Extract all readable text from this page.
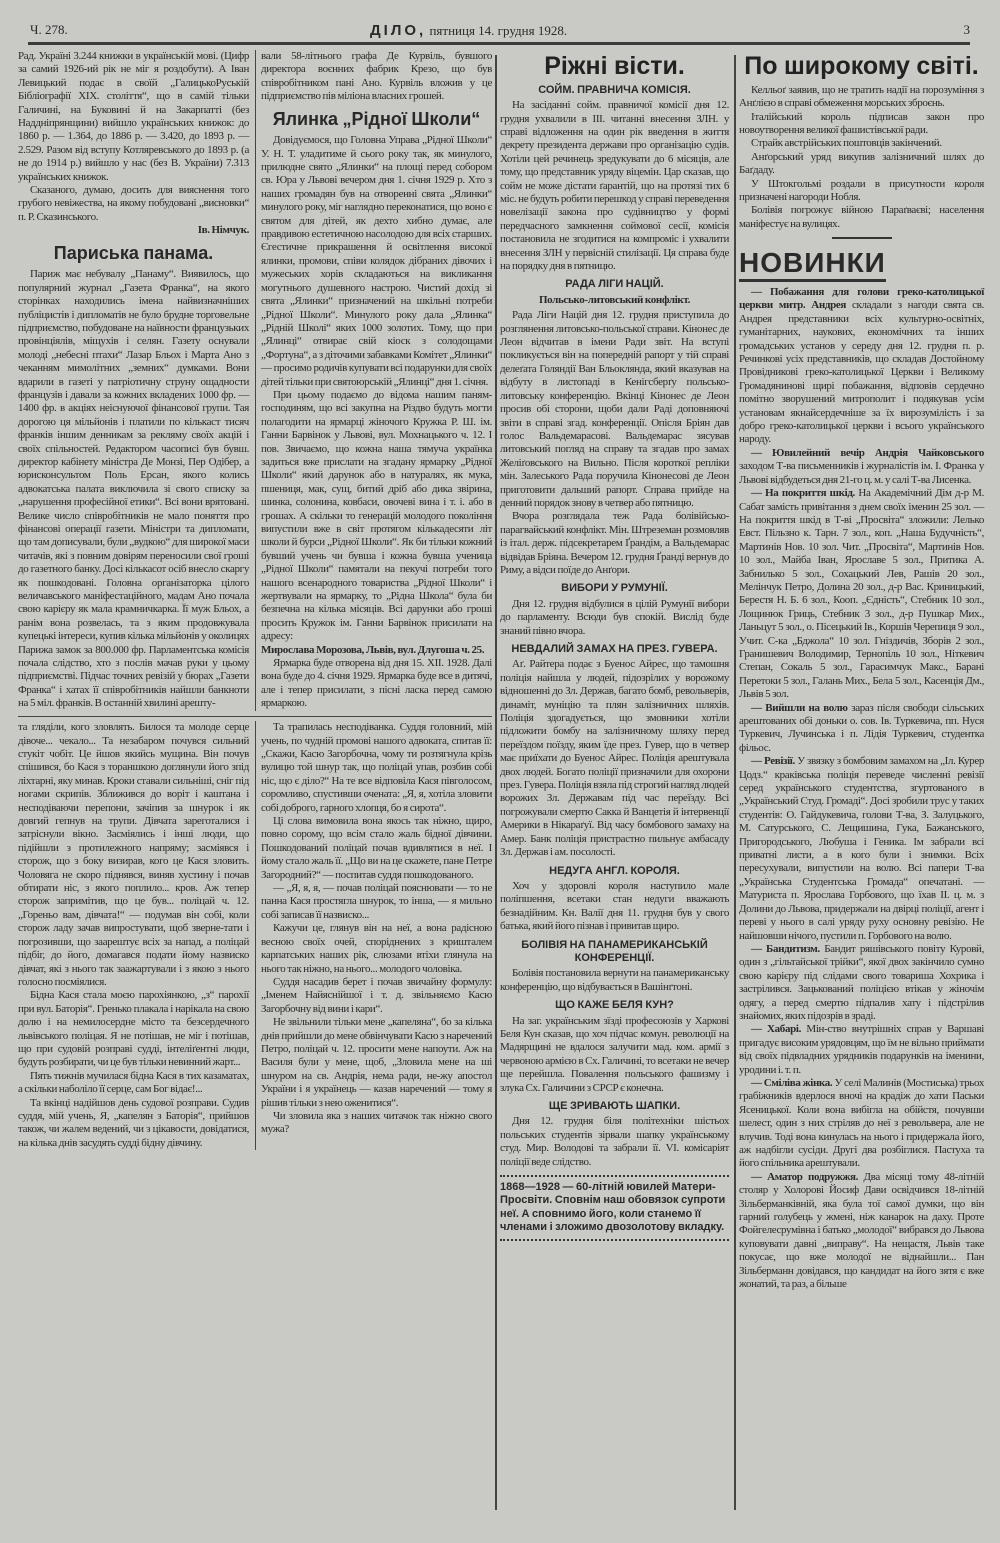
Ч. 278.	ДІЛО, пятниця 14. грудня 1928.	3

Рад. Україні 3.244 книжки в українській мові. (Цифр за самий 1926-ий рік не міг я роздобути). А Іван Левицький подає в своїй „ГалицькоРуській Бібліографії XIX. століття“, що в самій тільки Галичині, на Буковині й на Закарпатті (без Наддніпрянщини) вийшло українських книжок: до 1860 р. — 1.364, до 1886 р. — 3.420, до 1893 р. — 2.529. Разом від вступу Котляревського до 1893 р. (а не до 1914 р.) вийшло у нас (без В. України) 7.313 українських книжок.

Сказаного, думаю, досить для вияснення того грубого невіжества, на якому побудовані „висновки“ п. Р. Сказинського.

Ів. Німчук.
Париська панама.

Париж має небувалу „Панаму“. Виявилось, що популярний журнал „Газета Франка“, на якого сторінках находились імена найвизначніших публіцистів і дипломатів не було брудне торговельне підприємство, побудоване на наївности французьких провінціялів, міщухів і селян. Газету оснували молоді „небесні птахи“ Лазар Бльох і Марта Ано з чеканням мимолітних „земних“ думками. Вони вдарили в газеті у патріотичну струну ощадности французів і давали за кожних вкладених 1000 фр. — 1400 фр. в акціях неіснуючої фінансової групи. Тая дорогою ця мільйонів і платили по кількаст тисяч франків іншим денникам за рекляму своїх акцій і своїх спільностей. Редактором часописі був бувш. директор кабінету міністра Де Монзі, Пер Одібер, а юрисконсультом Поль Ерсан, якого колись адвокатська палата виключила зі свого списку за „нарушення професійної етики“. Всі вони врятовані. Велике число співробітників не мало поняття про фінансові операції газети. Міністри та дипломати, що там дописували, були „вудкою“ для широкої маси читачів, які з повним довірям переносили свої гроші до газетного банку. Досі кількасот осіб внесло скаргу як пошкодовані. Головна організаторка цілого величавського маніфестаційного, мадам Ано почала свою карієру як мала крамничкарка. Її муж Бльох, а ранім вона розвелась, та з яким продовжувала купецькі інтереси, купив кілька мільйонів у околицях Парижа замок за 800.000 фр. Парламентська комісія почала слідство, хто з послів мачав руки у цьому підприємстві. Підчас точних ревізій у бюрах „Газети Франка“ і хатах її співробітників найшли банкноти на 5 міл. франків. В останній хвилині арешту-

вали 58-літнього графа Де Курвіль, бувшого директора воєнних фабрик Крезо, що був співробітником пані Ано. Курвіль вложив у це підприємство пів міліона власних грошей.

Ялинка „Рідної Школи“

Довідуємося, що Головна Управа „Рідної Школи“ У. Н. Т. уладитиме й сього року так, як минулого, прилюдне свято „Ялинки“ на площі перед собором св. Юра у Львові вечером дня 1. січня 1929 р. Хто з наших громадян був на отворенні свята „Ялинки“ минулого року, міг наглядно переконатися, що воно є святом для дітей, як дехто хибно думає, але правдивою естетичною насолодою для всіх старших. Єгестичне прикрашення й освітлення високої ялинки, промови, співи колядок дібраних дівочих і мужеських хорів складаються на викликання могутнього душевного настрою. Чистий дохід зі свята „Ялинки“ призначений на шкільні потреби „Рідної Школи“. Минулого року дала „Ялинка“ „Рідній Школі“ яких 1000 золотих. Тому, що при „Ялинці“ отвирає свій кіоск з солодощами „Фортуна“, а з діточими забавками Комітет „Ялинки“ — просимо родичів купувати всі подарунки для своїх дітей тільки при святоюрській „Ялинці“ дня 1. січня.

При цьому подаємо до відома нашим паням-господиням, що всі закупна на Різдво будуть могти полагодити на ярмарці жіночого Кружка Р. Ш. ім. Ганни Барвінок у Львові, вул. Мохнацького ч. 12. І пов. Звичаємо, що кожна наша тямуча українка задиться вже прислати на згадану ярмарку „Рідної Школи“ який дарунок або в натуралях, як мука, пшениця, мак, сущ, битий дріб або дика звірина, шинка, солонина, ковбаси, овочеві вина і т. і. або в грошах. А скільки то генерацій молодого покоління випустили вже в світ протягом кількадесяти літ школи й бурси „Рідної Школи“. Як би тільки кожний бувший учень чи бувша і кожна бувша ученица „Рідної Школи“ памятали на пекучі потреби того нашого всенародного товариства „Рідної Школи“ і жертвували на ярмарку, то „Рідна Школа“ була би безпечна на кілька місяців. Всі дарунки або гроші просить Кружок ім. Ганни Барвінок присилати на адресу:

Мирослава Морозова, Львів, вул. Длугоша ч. 25.

Ярмарка буде отворена від дня 15. XII. 1928. Далі вона буде до 4. січня 1929. Ярмарка буде все в дитячі, але і тепер присилати, з пісні ласка перед самою ярмаркою.

та гляділи, кого зловлять. Билося та молоде серце дівоче... чекало... Та незабаром почувся сильний стукіт чобіт. Це йшов якийсь мущина. Він почув спішився, бо Кася з тораншкою доглянули його зпід ліхтарні, яку минав. Кроки ставали сильніші, сніг під ногами скрипів. Зближився до воріт і каштана і несподіваючи перепони, зачіпив за шнурок і як довгий гепнув на трупи. Дівчата зареготалися і затріснули вікно. Засміялись і інші люди, що підійшли з протилежного напряму; засміявся і сторож, що з боку визирав, кого це Кася зловить. Чоловяга не скоро піднявся, виняв хустину і почав обтирати ніс, з якого поплило... кров. Аж тепер сторож запримітив, що це був... поліцай ч. 12. „Гореньо вам, дівчата!“ — подумав він собі, коли сторож ладу зачав випростувати, щоб зверне-тати і погрозивши, що заарештує всіх за напад, а поліцай підбіг, до його, домагався подати йому назвиско дівчат, які з нього так заажартували і з якою з нього голосно посміялися.

Бідна Кася стала моєю парохіянкою, „з“ парохії при вул. Баторія“. Гренько плакала і нарікала на свою долю і на немилосердне місто та безсердечного львівського поліцая. Я не потішав, не міг і потішав, що при судовій розправі судді, інтеліґентні люди, будуть розбирати, чи це був тільки невинний жарт...

Пять тижнів мучилася бідна Кася в тих казаматах, а скільки наболіло її серце, сам Бог відає!...

Та вкінці надійшов день судової розправи. Судив суддя, мій учень, Я, „капелян з Баторія“, прийшов також, чи жалем ведений, чи з цікавости, довідатися, на кілька днів засудять судді бідну дівчину.

Та трапилась несподіванка. Суддя головний, мій учень, по чудній промові нашого адвоката, спитав її: „Скажи, Касю Загорбочна, чому ти розтягнула крізь вулицю той шнур так, що поліцай упав, розбив собі ніс, що є діло?“ На те все відповіла Кася півголосом, соромливо, спустивши очената: „Я, я, хотіла зловити собі доброго, гарного хлопця, бо я сирота“.

Ці слова вимовила вона якось так ніжно, щиро, повно сорому, що всім стало жаль бідної дівчини. Пошкодований поліцай почав вдивлятися в неї. І йому стало жаль її. „Що ви на це скажете, пане Петре Загородний?“ — поспитав суддя пошкодованого.

— „Я, я, я, — почав поліцай пояснювати — то не панна Кася простягла шнурок, то інша, — я мильно собі записав її назвиско...

Кажучи це, глянув він на неї, а вона радісною весною своїх очей, споріднених з кришталем карпатських наших рік, слюзами втіхи глянула на нього так ніжно, на нього... молодого чоловіка.

Суддя насадив берет і почав звичайну формулу: „Іменем Найяснійшої і т. д. звільняємо Касю Загорбочну від вини і кари“.

Не звільнили тільки мене „капеляна“, бо за кілька днів прийшли до мене обвінчувати Касю з наречений Петро, поліцай ч. 12. просити мене напоути. Аж на Василя були у мене, щоб, „Зловила мене на ші шнуром на св. Андрія, нема ради, не-жу апостол України і я українець — казав наречений — тому я рішив тільки з нею оженитися“.

Чи зловила яка з наших читачок так ніжно свого мужа?

Ріжні вісти.
СОЙМ. ПРАВНИЧА КОМІСІЯ.

На засіданні сойм. правничої комісії дня 12. грудня ухвалили в III. читанні внесення ЗЛН. у справі відложення на один рік введення в життя декрету президента держави про організацію судів. Хотіли цей речинець зредукувати до 6 місяців, але тому, що представник уряду віцемін. Цар сказав, що сойм не може дістати ґарантій, що на протязі тих 6 міс. не будуть робити перешкод у справі переведення новелізації закона про судівництво у формі передчасного замкнення соймової сесії, комісія постановила не згодитися на компроміс і ухвалити внесення ЗЛН у первісній стилізації. Ця справа буде на порядку дня в пятницю.

РАДА ЛІГИ НАЦІЙ.
Польсько-литовський конфлікт.

Рада Ліги Націй дня 12. грудня приступила до розглянення литовсько-польської справи. Кінонес де Леон відчитав в імени Ради звіт. На вступі покликується він на попередній рапорт у тій справі делеґата Голяндії Ван Бльокляндa, який вказував на відбуту в листопаді в Кенігсберґу польсько-литовську конференцію. Вкінці Кінонес де Леон просив обі сторони, щоби дали Раді доповняючі звіти в справі згад. конференції. Опісля Бріян дав голос Вальдемарасові. Вальдемарас зясував литовський погляд на справу та згадав про замах Желіґовського на Вильно. Після короткої репліки мін. Залеського Рада поручила Кінонесові де Леон приготовити дальший рапорт. Справа прийде на денний порядок знову в четвер або пятницю.

Вчора розглядала теж Рада болівійсько-парагвайський конфлікт. Мін. Штреземан розмовляв із італ. держ. підсекретарем Ґрандім, а Вальдемарас відвідав Бріяна. Вечером 12. грудня Ґранді вернув до Риму, а відси поїде до Анґори.

ВИБОРИ У РУМУНІЇ.

Дня 12. грудня відбулися в цілій Румунії вибори до парламенту. Всюди був спокій. Вислід буде знаний півно вчора.

НЕВДАЛИЙ ЗАМАХ НА ПРЕЗ. ГУВЕРА.

Аґ. Райтера подає з Буенос Айрес, що тамошня поліція найшла у людей, підозрілих у ворожому відношенні до Зл. Держав, багато бомб, револьверів, динаміт, муніцію та плян залізничних шляхів. Поліція здогадується, що змовники хотіли підложити бомбу на залізничному шляху перед переїздом поїзду, яким їде през. Гувер, що в четвер має приїхати до Буенос Айрес. Поліція арештувала двох людей. Богато поліції призначили для охорони през. Гувера. Поліція взяла під строгий нагляд людей ворожих Зл. Державам під час переїзду. Всі погрожували смертю Сакка й Ванцетія й інтервенції Америки в Нікараґуї. Від часу бомбового замаху на Амер. Банк поліція пристрастно пильнує амбасаду Зл. Держав і ам. посолості.

НЕДУГА АНГЛ. КОРОЛЯ.

Хоч у здоровлі короля наступило мале поліпшення, всетаки стан недуги вважають безнадійним. Кн. Валії дня 11. грудня був у свого батька, який його пізнав і привитав щиро.

БОЛІВІЯ НА ПАНАМЕРИКАНСЬКІЙ КОНФЕРЕНЦІЇ.

Болівія постановила вернути на панамериканську конференцію, що відбувається в Вашінґтоні.

ЩО КАЖЕ БЕЛЯ КУН?

На заг. українським зїзді професоюзів у Харкові Беля Кун сказав, що хоч підчас комун. революції на Мадярщині не вдалося залучити мад. ком. армії з червоною армією в Сх. Галичині, то всетаки не вечер ще перейшла. Повалення польського фашизму і злука Сх. Галичини з СРСР є конечна.

ЩЕ ЗРИВАЮТЬ ШАПКИ.

Дня 12. грудня біля політехніки шістьох польських студентів зірвали шапку українському студ. Мир. Володові та забрали її. VI. комісаріят поліції веде слідство.

1868—1928 — 60-літній ювилей Матери-Просвіти. Сповнім наш обовязок супроти неї. А сповнимо його, коли станемо її членами і зложимо двозолотову вкладку.
По широкому світі.

Келльоґ заявив, що не тратить надії на порозуміння з Анґлією в справі обмеження морських зброєнь.

Італійський король підписав закон про новоутворення великої фашистівської ради.

Страйк австрійських поштовців закінчений.

Анґорський уряд викупив залізничний шлях до Баґдаду.

У Штокгольмі роздали в присутности короля призначені нагороди Нобля.

Болівія погрожує війною Параґваєві; населення маніфестує на вулицях.

НОВИНКИ

— Побажання для голови греко-католицької церкви митр. Андрея складали з нагоди свята св. Андрея представники всіх культурно-освітніх, гуманітарних, наукових, економічних та інших громадських установ у середу дня 12. грудня п. р. Речинкові усіх представників, що складав Достойному Провідникові греко-католицької Церкви і Великому Громадянинові щирі побажання, відповів сердечно помітно зворушений митрополит і подякував усім установам якнайсердечніше за їх вирозумілість і за добро греко-католицької церкви і всього українського народу.

— Ювилейний вечір Андрія Чайковського заходом Т-ва письменників і журналістів ім. І. Франка у Львові відбудеться дня 21-го ц. м. у салі Т-ва Лисенка.

— На покриття шкід. На Академічний Дім д-р М. Сабат замість привітання з днем своїх іменин 25 зол. — На покриття шкід в Т-ві „Просвіта“ зложили: Лелько Евст. Пільзно к. Тарн. 7 зол., коп. „Наша Будучність“, Мартинів Нов. 10 зол. Чит. „Просвіта“, Мартинів Нов. 10 зол., Майба Іван, Ярославе 5 зол., Притика А. Забнилько 5 зол., Сохацький Лев, Рашів 20 зол., Мелінчук Петро, Долина 20 зол., д-р Вас. Криницький, Берестя Н. Б. 6 зол., Кооп. „Єдність“, Стебник 10 зол., Лощинюк Гриць, Стебник 3 зол., д-р Пушкар Мих., Ланьцут 5 зол., о. Пісецький Ів., Коршів Черепиця 9 зол., Учит. С-ка „Бджола“ 10 зол. Гніздичів, Зборів 2 зол., Гранишевич Володимир, Тернопіль 10 зол., Ніткевич Степан, Сокаль 5 зол., Гарасимчук Макс., Барані Перетоки 5 зол., Галань Мих., Бела 5 зол., Касенція Дм., Львів 5 зол.

— Вийшли на волю зараз після свободи сільських арештованих обі доньки о. сов. Ів. Туркевича, пп. Нуся Туркевич, Лучинська і п. Лідія Туркевич, студентка фільос.

— Ревізії. У звязку з бомбовим замахом на „Іл. Курер Цодз.“ краківська поліція переведе численні ревізії серед українського студентства, згуртованого в „Український Студ. Громаді“. Досі зробили трус у таких студентів: О. Гайдукевича, голови Т-ва, З. Залуцького, М. Сатурського, С. Лещишина, Гука, Бажанського, Пригородського, Любуша і Геника. Ім забрали всі приватні листи, а в кого були і знимки. Всіх пересухували, випустили на волю. Всі папери Т-ва „Українська Студентська Громада“ опечатані. — Матуриста п. Ярослава Горбового, що їхав ІІ. ц. м. з Долини до Львова, придержали на двірці поліції, агент і переві у нього в салі уряду руху основну ревізію. Не найшовши нічого, пустили п. Горбового на волю.

— Бандитизм. Бандит ряшівського повіту Куровй, один з „гільтайської трійки“, якої двох закінчило сумно свою карієру під слідами свого товариша Хохрика і застрілився. Зацькований поліцією втікав у жіночім одягу, а перед смертю підпалив хату і підстрілив знайомих, яких підозрів в зраді.

— Хабарі. Мін-ство внутрішніх справ у Варшаві пригадує високим урядовцям, що їм не вільно приймати від своїх підвладних урядників подарунків на іменини, уродини і. т. п.

— Сміліва жінка. У селі Малинів (Мостиська) трьох грабіжників вдерлося вночі на крадіж до хати Паськи Ясеницької. Коли вона вибігла на обійстя, почувши шелест, один з них стріляв до неї з револьвера, але не влучив. Тоді вона кинулась на нього і придержала його, аж надбігли сусіди. Другі два розбіглися. Пастуха та його спільника арештували.

— Аматор подружжя. Два місяці тому 48-літній столяр у Холорові Йосиф Дави освідчився 18-літній Зільберманківній, яка була тої самої думки, що він гарний голубець у жмені, ніж канарок на даху. Проте Фойгелесрумівна і батько „молодої“ вибрався до Львова куповувати давні „виправу“. На нещастя, Львів таке покусає, що вже молодої не віднайшли... Пан Зільберманн довідався, що кандидат на його зятя є вже жонатий, та раз, а більше
